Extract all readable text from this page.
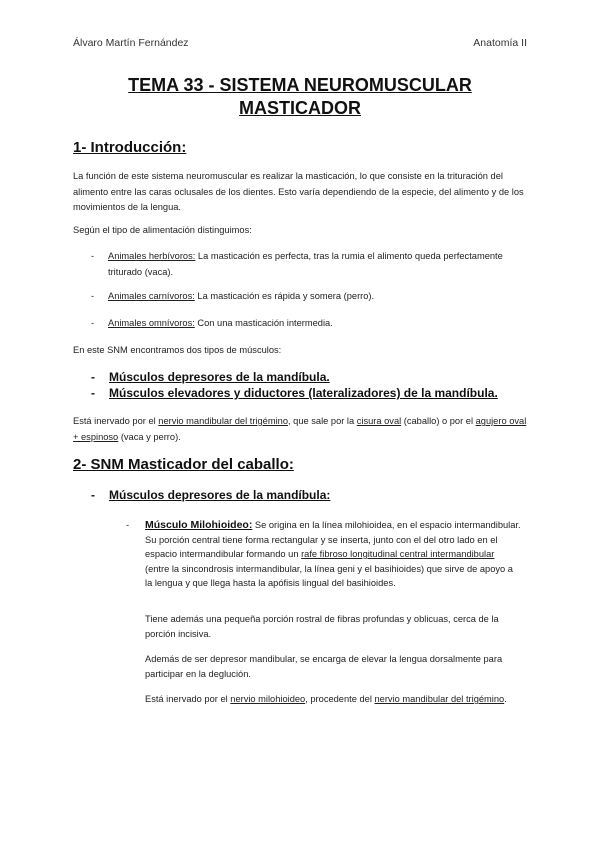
Álvaro Martín Fernández	Anatomía II
TEMA 33 - SISTEMA NEUROMUSCULAR
MASTICADOR
1- Introducción:
La función de este sistema neuromuscular es realizar la masticación, lo que consiste en la trituración del alimento entre las caras oclusales de los dientes. Esto varía dependiendo de la especie, del alimento y de los movimientos de la lengua.
Según el tipo de alimentación distinguimos:
- Animales herbívoros: La masticación es perfecta, tras la rumia el alimento queda perfectamente triturado (vaca).
- Animales carnívoros: La masticación es rápida y somera (perro).
- Animales omnívoros: Con una masticación intermedia.
En este SNM encontramos dos tipos de músculos:
- Músculos depresores de la mandíbula.
- Músculos elevadores y diductores (lateralizadores) de la mandíbula.
Está inervado por el nervio mandibular del trigémino, que sale por la cisura oval (caballo) o por el agujero oval + espinoso (vaca y perro).
2- SNM Masticador del caballo:
- Músculos depresores de la mandíbula:
- Músculo Milohioideo: Se origina en la línea milohioidea, en el espacio intermandibular. Su porción central tiene forma rectangular y se inserta, junto con el del otro lado en el espacio intermandibular formando un rafe fibroso longitudinal central intermandibular (entre la sincondrosis intermandibular, la línea geni y el basihioides) que sirve de apoyo a la lengua y que llega hasta la apófisis lingual del basihioides.
Tiene además una pequeña porción rostral de fibras profundas y oblicuas, cerca de la porción incisiva.
Además de ser depresor mandibular, se encarga de elevar la lengua dorsalmente para participar en la deglución.
Está inervado por el nervio milohioideo, procedente del nervio mandibular del trigémino.
